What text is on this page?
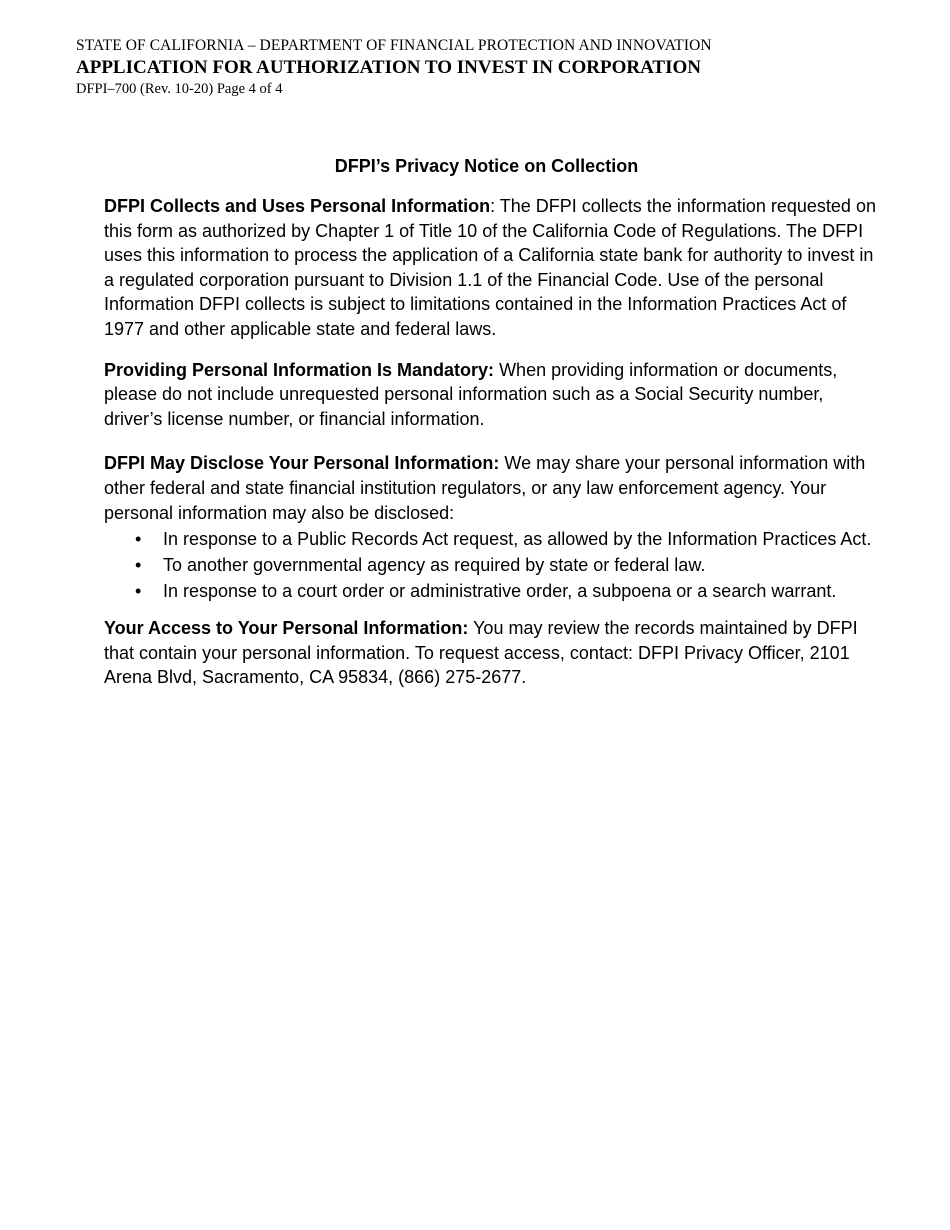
STATE OF CALIFORNIA – DEPARTMENT OF FINANCIAL PROTECTION AND INNOVATION
APPLICATION FOR AUTHORIZATION TO INVEST IN CORPORATION
DFPI–700 (Rev. 10-20) Page 4 of 4
DFPI’s Privacy Notice on Collection

DFPI Collects and Uses Personal Information: The DFPI collects the information requested on this form as authorized by Chapter 1 of Title 10 of the California Code of Regulations. The DFPI uses this information to process the application of a California state bank for authority to invest in a regulated corporation pursuant to Division 1.1 of the Financial Code. Use of the personal Information DFPI collects is subject to limitations contained in the Information Practices Act of 1977 and other applicable state and federal laws.

Providing Personal Information Is Mandatory: When providing information or documents, please do not include unrequested personal information such as a Social Security number, driver’s license number, or financial information.

DFPI May Disclose Your Personal Information: We may share your personal information with other federal and state financial institution regulators, or any law enforcement agency. Your personal information may also be disclosed:

• In response to a Public Records Act request, as allowed by the Information Practices Act.
• To another governmental agency as required by state or federal law.
• In response to a court order or administrative order, a subpoena or a search warrant.

Your Access to Your Personal Information: You may review the records maintained by DFPI that contain your personal information. To request access, contact: DFPI Privacy Officer, 2101 Arena Blvd, Sacramento, CA 95834, (866) 275-2677.
